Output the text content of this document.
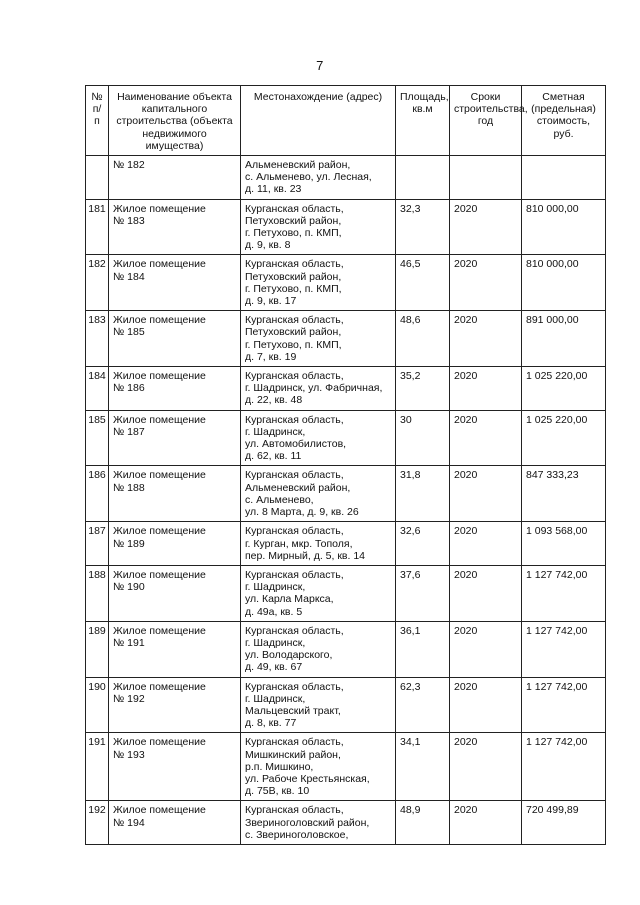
7
№ п/п	Наименование объекта капитального строительства (объекта недвижимого имущества)	Местонахождение (адрес)	Площадь, кв.м	Сроки строительства, год	Сметная (предельная) стоимость, руб.

	№ 182	Альменевский район,
с. Альменево, ул. Лесная,
д. 11, кв. 23			

181	Жилое помещение
№ 183	Курганская область,
Петуховский район,
г. Петухово, п. КМП,
д. 9, кв. 8	32,3	2020	810 000,00
182	Жилое помещение
№ 184	Курганская область,
Петуховский район,
г. Петухово, п. КМП,
д. 9, кв. 17	46,5	2020	810 000,00
183	Жилое помещение
№ 185	Курганская область,
Петуховский район,
г. Петухово, п. КМП,
д. 7, кв. 19	48,6	2020	891 000,00
184	Жилое помещение
№ 186	Курганская область,
г. Шадринск, ул. Фабричная,
д. 22, кв. 48	35,2	2020	1 025 220,00
185	Жилое помещение
№ 187	Курганская область,
г. Шадринск,
ул. Автомобилистов,
д. 62, кв. 11	30	2020	1 025 220,00
186	Жилое помещение
№ 188	Курганская область,
Альменевский район,
с. Альменево,
ул. 8 Марта, д. 9, кв. 26	31,8	2020	847 333,23
187	Жилое помещение
№ 189	Курганская область,
г. Курган, мкр. Тополя,
пер. Мирный, д. 5, кв. 14	32,6	2020	1 093 568,00
188	Жилое помещение
№ 190	Курганская область,
г. Шадринск,
ул. Карла Маркса,
д. 49а, кв. 5	37,6	2020	1 127 742,00
189	Жилое помещение
№ 191	Курганская область,
г. Шадринск,
ул. Володарского,
д. 49, кв. 67	36,1	2020	1 127 742,00
190	Жилое помещение
№ 192	Курганская область,
г. Шадринск,
Мальцевский тракт,
д. 8, кв. 77	62,3	2020	1 127 742,00
191	Жилое помещение
№ 193	Курганская область,
Мишкинский район,
р.п. Мишкино,
ул. Рабоче Крестьянская,
д. 75В, кв. 10	34,1	2020	1 127 742,00
192	Жилое помещение
№ 194	Курганская область,
Звериноголовский район,
с. Звериноголовское,	48,9	2020	720 499,89
